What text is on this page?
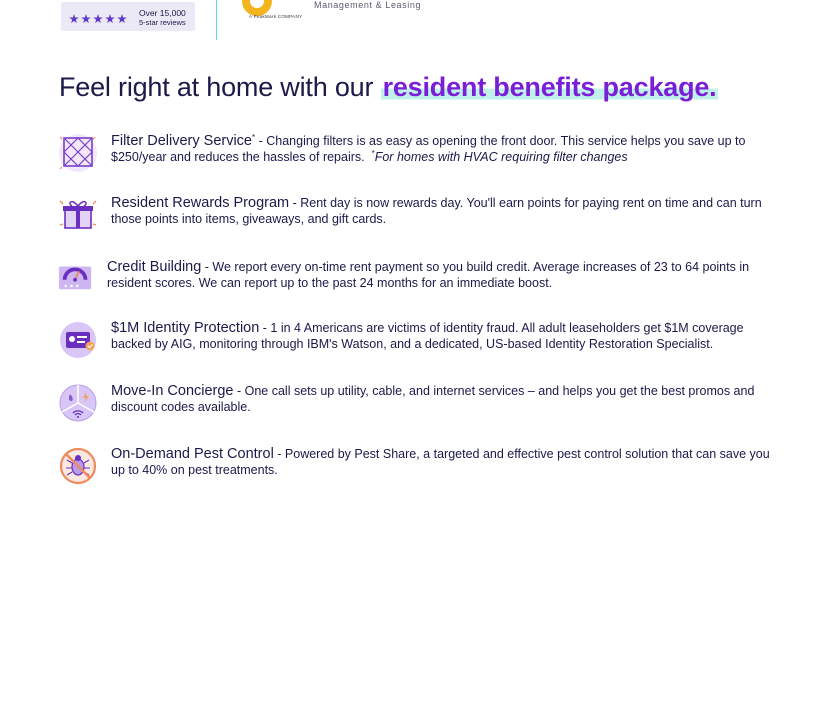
Over 15,000
5-star reviews
A PeakMark COMPANY
Management & Leasing
Feel right at home with our resident benefits package.
Filter Delivery Service* - Changing filters is as easy as opening the front door. This service helps you save up to $250/year and reduces the hassles of repairs. *For homes with HVAC requiring filter changes
Resident Rewards Program - Rent day is now rewards day. You'll earn points for paying rent on time and can turn those points into items, giveaways, and gift cards.
★ ★ ★
Credit Building - We report every on-time rent payment so you build credit. Average increases of 23 to 64 points in resident scores. We can report up to the past 24 months for an immediate boost.
$1M Identity Protection - 1 in 4 Americans are victims of identity fraud. All adult leaseholders get $1M coverage backed by AIG, monitoring through IBM's Watson, and a dedicated, US-based Identity Restoration Specialist.
Move-In Concierge - One call sets up utility, cable, and internet services – and helps you get the best promos and discount codes available.
On-Demand Pest Control - Powered by Pest Share, a targeted and effective pest control solution that can save you up to 40% on pest treatments.
